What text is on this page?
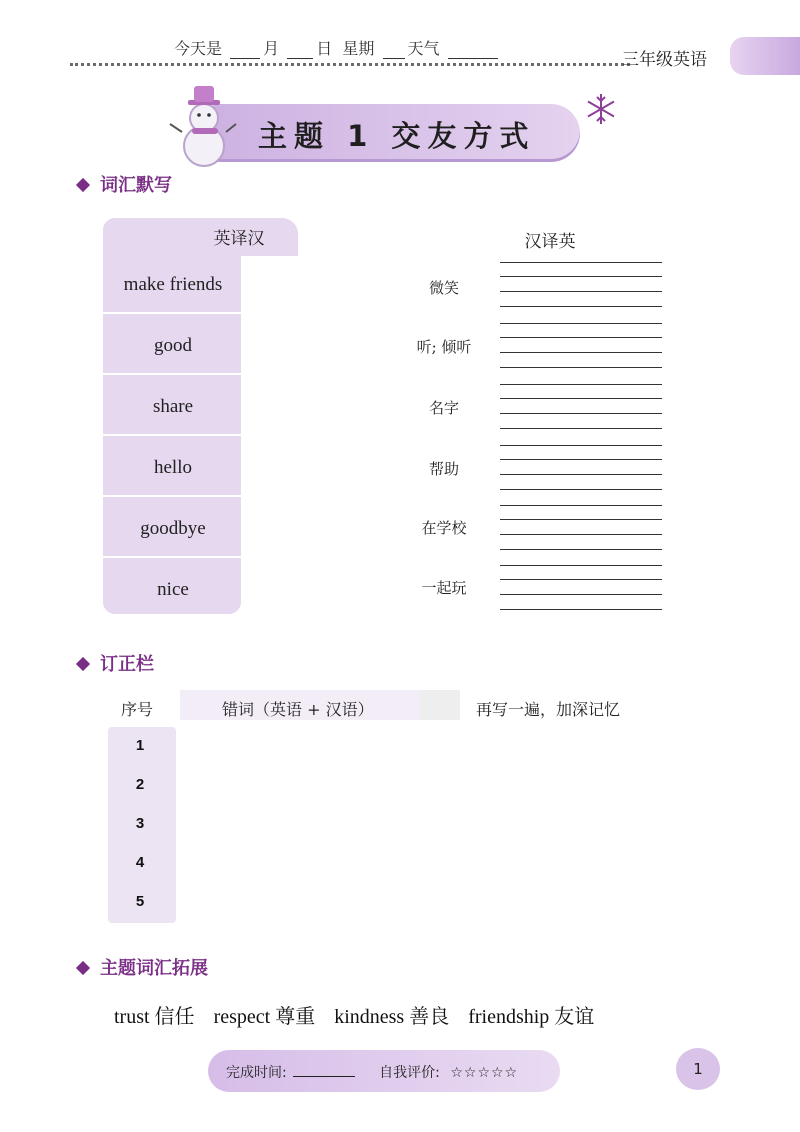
今天是	月 日 星期 天气
三年级英语
主题 1 交友方式
词汇默写
英译汉
make friends
good
share
hello
goodbye
nice
汉译英
微笑
听; 倾听
名字
帮助
在学校
一起玩
订正栏
序号	错词（英语 + 汉语）	再写一遍，加深记忆
1
2
3
4
5
主题词汇拓展
trust 信任 respect 尊重 kindness 善良 friendship 友谊
完成时间:	自我评价: ☆☆☆☆☆	1
